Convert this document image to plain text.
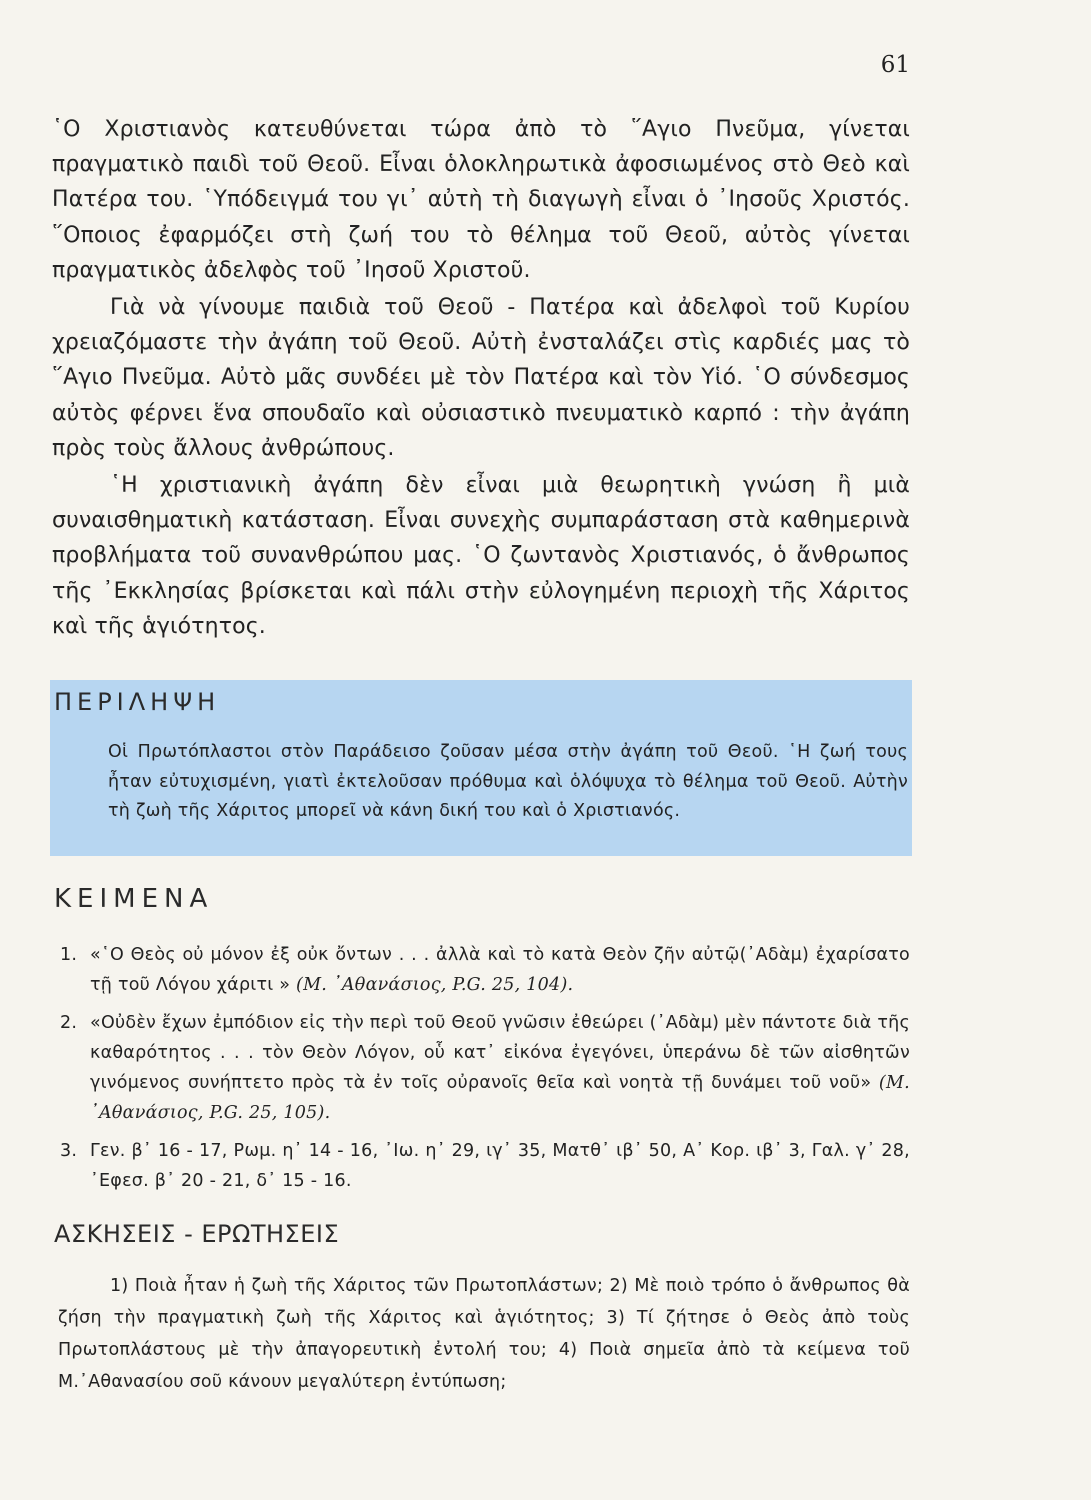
61

῾Ο Χριστιανὸς κατευθύνεται τώρα ἀπὸ τὸ ῞Αγιο Πνεῦμα, γίνεται πραγματικὸ παιδὶ τοῦ Θεοῦ. Εἶναι ὁλοκληρωτικὰ ἀφοσιωμένος στὸ Θεὸ καὶ Πατέρα του. ῾Υπόδειγμά του γι᾽ αὐτὴ τὴ διαγωγὴ εἶναι ὁ ᾽Ιησοῦς Χριστός. ῞Οποιος ἐφαρμόζει στὴ ζωή του τὸ θέλημα τοῦ Θεοῦ, αὐτὸς γίνεται πραγματικὸς ἀδελφὸς τοῦ ᾽Ιησοῦ Χριστοῦ.

Γιὰ νὰ γίνουμε παιδιὰ τοῦ Θεοῦ - Πατέρα καὶ ἀδελφοὶ τοῦ Κυρίου χρειαζόμαστε τὴν ἀγάπη τοῦ Θεοῦ. Αὐτὴ ἐνσταλάζει στὶς καρδιές μας τὸ ῞Αγιο Πνεῦμα. Αὐτὸ μᾶς συνδέει μὲ τὸν Πατέρα καὶ τὸν Υἱό. ῾Ο σύνδεσμος αὐτὸς φέρνει ἕνα σπουδαῖο καὶ οὐσιαστικὸ πνευματικὸ καρπό : τὴν ἀγάπη πρὸς τοὺς ἄλλους ἀνθρώπους.

῾Η χριστιανικὴ ἀγάπη δὲν εἶναι μιὰ θεωρητικὴ γνώση ἢ μιὰ συναισθηματικὴ κατάσταση. Εἶναι συνεχὴς συμπαράσταση στὰ καθημερινὰ προβλήματα τοῦ συνανθρώπου μας. ῾Ο ζωντανὸς Χριστιανός, ὁ ἄνθρωπος τῆς ᾽Εκκλησίας βρίσκεται καὶ πάλι στὴν εὐλογημένη περιοχὴ τῆς Χάριτος καὶ τῆς ἁγιότητος.

ΠΕΡΙΛΗΨΗ

Οἱ Πρωτόπλαστοι στὸν Παράδεισο ζοῦσαν μέσα στὴν ἀγάπη τοῦ Θεοῦ. ῾Η ζωή τους ἦταν εὐτυχισμένη, γιατὶ ἐκτελοῦσαν πρόθυμα καὶ ὁλόψυχα τὸ θέλημα τοῦ Θεοῦ. Αὐτὴν τὴ ζωὴ τῆς Χάριτος μπορεῖ νὰ κάνη δική του καὶ ὁ Χριστιανός.

ΚΕΙΜΕΝΑ
1. «῾Ο Θεὸς οὐ μόνον ἐξ οὐκ ὄντων . . . ἀλλὰ καὶ τὸ κατὰ Θεὸν ζῆν αὐτῷ(᾽Αδὰμ) ἐχαρίσατο τῇ τοῦ Λόγου χάριτι » (Μ. ᾽Αθανάσιος, P.G. 25, 104).
2. «Οὐδὲν ἔχων ἐμπόδιον εἰς τὴν περὶ τοῦ Θεοῦ γνῶσιν ἐθεώρει (᾽Αδὰμ) μὲν πάντοτε διὰ τῆς καθαρότητος . . . τὸν Θεὸν Λόγον, οὗ κατ᾽ εἰκόνα ἐγεγόνει, ὑπεράνω δὲ τῶν αἰσθητῶν γινόμενος συνήπτετο πρὸς τὰ ἐν τοῖς οὐρανοῖς θεῖα καὶ νοητὰ τῇ δυνάμει τοῦ νοῦ» (Μ. ᾽Αθανάσιος, P.G. 25, 105).
3. Γεν. β᾽ 16 - 17, Ρωμ. η᾽ 14 - 16, ᾽Ιω. η᾽ 29, ιγ᾽ 35, Ματθ᾽ ιβ᾽ 50, Α᾽ Κορ. ιβ᾽ 3, Γαλ. γ᾽ 28, ᾽Εφεσ. β᾽ 20 - 21, δ᾽ 15 - 16.
ΑΣΚΗΣΕΙΣ - ΕΡΩΤΗΣΕΙΣ

1) Ποιὰ ἦταν ἡ ζωὴ τῆς Χάριτος τῶν Πρωτοπλάστων; 2) Μὲ ποιὸ τρόπο ὁ ἄνθρωπος θὰ ζήση τὴν πραγματικὴ ζωὴ τῆς Χάριτος καὶ ἁγιότητος; 3) Τί ζήτησε ὁ Θεὸς ἀπὸ τοὺς Πρωτοπλάστους μὲ τὴν ἀπαγορευτικὴ ἐντολή του; 4) Ποιὰ σημεῖα ἀπὸ τὰ κείμενα τοῦ Μ.᾽Αθανασίου σοῦ κάνουν μεγαλύτερη ἐντύπωση;
